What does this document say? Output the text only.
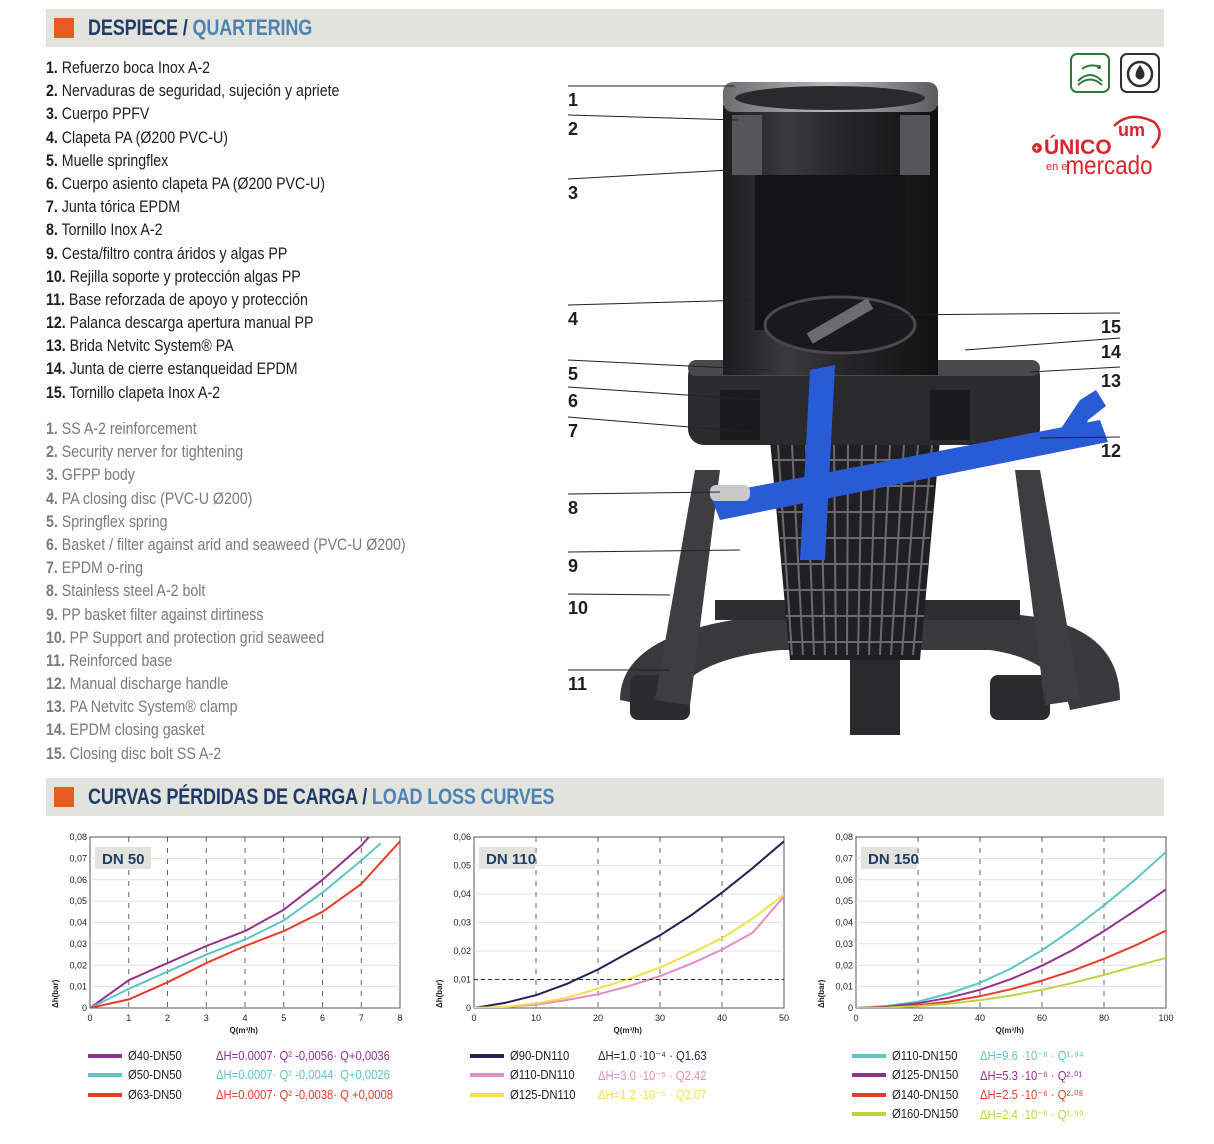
DESPIECE / QUARTERING
1. Refuerzo boca Inox A-2
2. Nervaduras de seguridad, sujeción y apriete
3. Cuerpo PPFV
4. Clapeta PA (Ø200 PVC-U)
5. Muelle springflex
6. Cuerpo asiento clapeta PA (Ø200 PVC-U)
7. Junta tórica EPDM
8. Tornillo Inox A-2
9. Cesta/filtro contra áridos y algas PP
10. Rejilla soporte y protección algas PP
11. Base reforzada de apoyo y protección
12. Palanca descarga apertura manual PP
13. Brida Netvitc System® PA
14. Junta de cierre estanqueidad EPDM
15. Tornillo clapeta Inox A-2
1. SS A-2 reinforcement
2. Security nerver for tightening
3. GFPP body
4. PA closing disc (PVC-U Ø200)
5. Springflex spring
6. Basket / filter against arid and seaweed (PVC-U Ø200)
7. EPDM o-ring
8. Stainless steel A-2 bolt
9. PP basket filter against dirtiness
10. PP Support and protection grid seaweed
11. Reinforced base
12. Manual discharge handle
13. PA Netvitc System® clamp
14. EPDM closing gasket
15. Closing disc bolt SS A-2
+ ÚNICO
en el
mercado
um
1
2
3
4
5
6
7
8
9
10
11
15
14
13
12
CURVAS PÉRDIDAS DE CARGA / LOAD LOSS CURVES
0
0,01
0,02
0,03
0,04
0,05
0,06
0,07
0,08
0	1	2	3	4	5	6	7	8
Q(m³/h)
Δh(bar)
DN 50
0
0,01
0,02
0,03
0,04
0,05
0,06
0	10	20	30	40	50
Q(m³/h)
Δh(bar)
DN 110
0
0,01
0,02
0,03
0,04
0,05
0,06
0,07
0,08
0	20	40	60	80	100
Q(m³/h)
Δh(bar)
DN 150
Ø40-DN50	ΔH=0.0007· Q² -0,0056· Q+0,0036
Ø50-DN50	ΔH=0.0007· Q² -0,0044· Q+0,0026
Ø63-DN50	ΔH=0.0007· Q² -0,0038· Q +0,0008
Ø90-DN110	ΔH=1.0 ·10⁻⁴ · Q1.63
Ø110-DN110	ΔH=3.0 ·10⁻⁵ · Q2.42
Ø125-DN110	ΔH=1.2 ·10⁻⁵ · Q2.07
Ø110-DN150	ΔH=9.6 ·10⁻⁶ · Q¹·⁹⁴
Ø125-DN150	ΔH=5.3 ·10⁻⁶ · Q²·⁰¹
Ø140-DN150	ΔH=2.5 ·10⁻⁶ · Q²·⁰⁸
Ø160-DN150	ΔH=2.4 ·10⁻⁶ · Q¹·⁹⁹
